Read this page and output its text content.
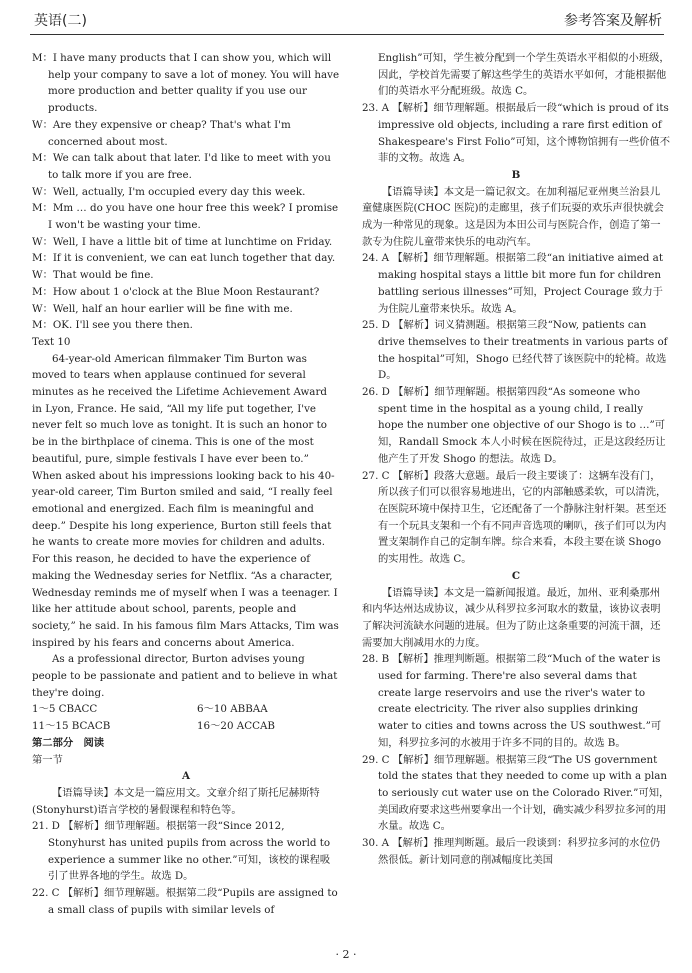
英语(二)	参考答案及解析

M：I have many products that I can show you, which will help your company to save a lot of money. You will have more production and better quality if you use our products.

W：Are they expensive or cheap? That's what I'm concerned about most.

M：We can talk about that later. I'd like to meet with you to talk more if you are free.

W：Well, actually, I'm occupied every day this week.

M：Mm … do you have one hour free this week? I promise I won't be wasting your time.

W：Well, I have a little bit of time at lunchtime on Friday.

M：If it is convenient, we can eat lunch together that day.

W：That would be fine.

M：How about 1 o'clock at the Blue Moon Restaurant?

W：Well, half an hour earlier will be fine with me.

M：OK. I'll see you there then.

Text 10

64-year-old American filmmaker Tim Burton was moved to tears when applause continued for several minutes as he received the Lifetime Achievement Award in Lyon, France. He said, “All my life put together, I've never felt so much love as tonight. It is such an honor to be in the birthplace of cinema. This is one of the most beautiful, pure, simple festivals I have ever been to.” When asked about his impressions looking back to his 40-year-old career, Tim Burton smiled and said, “I really feel emotional and energized. Each film is meaningful and deep.” Despite his long experience, Burton still feels that he wants to create more movies for children and adults. For this reason, he decided to have the experience of making the Wednesday series for Netflix. “As a character, Wednesday reminds me of myself when I was a teenager. I like her attitude about school, parents, people and society,” he said. In his famous film Mars Attacks, Tim was inspired by his fears and concerns about America.

As a professional director, Burton advises young people to be passionate and patient and to believe in what they're doing.

1～5 CBACC	6～10 ABBAA
11～15 BCACB	16～20 ACCAB

第二部分　阅读

第一节

A

【语篇导读】本文是一篇应用文。文章介绍了斯托尼赫斯特(Stonyhurst)语言学校的暑假课程和特色等。

21. D 【解析】细节理解题。根据第一段“Since 2012, Stonyhurst has united pupils from across the world to experience a summer like no other.”可知，该校的课程吸引了世界各地的学生。故选 D。

22. C 【解析】细节理解题。根据第二段“Pupils are assigned to a small class of pupils with similar levels of

English”可知，学生被分配到一个学生英语水平相似的小班级，因此，学校首先需要了解这些学生的英语水平如何，才能根据他们的英语水平分配班级。故选 C。

23. A 【解析】细节理解题。根据最后一段“which is proud of its impressive old objects, including a rare first edition of Shakespeare's First Folio”可知，这个博物馆拥有一些价值不菲的文物。故选 A。

B

【语篇导读】本文是一篇记叙文。在加利福尼亚州奥兰治县儿童健康医院(CHOC 医院)的走廊里，孩子们玩耍的欢乐声很快就会成为一种常见的现象。这是因为本田公司与医院合作，创造了第一款专为住院儿童带来快乐的电动汽车。

24. A 【解析】细节理解题。根据第二段“an initiative aimed at making hospital stays a little bit more fun for children battling serious illnesses”可知，Project Courage 致力于为住院儿童带来快乐。故选 A。

25. D 【解析】词义猜测题。根据第三段“Now, patients can drive themselves to their treatments in various parts of the hospital”可知，Shogo 已经代替了该医院中的轮椅。故选 D。

26. D 【解析】细节理解题。根据第四段“As someone who spent time in the hospital as a young child, I really hope the number one objective of our Shogo is to …”可知，Randall Smock 本人小时候在医院待过，正是这段经历让他产生了开发 Shogo 的想法。故选 D。

27. C 【解析】段落大意题。最后一段主要谈了：这辆车没有门，所以孩子们可以很容易地进出，它的内部触感柔软，可以清洗，在医院环境中保持卫生，它还配备了一个静脉注射杆架。甚至还有一个玩具支架和一个有不同声音选项的喇叭，孩子们可以为内置支架制作自己的定制车牌。综合来看，本段主要在谈 Shogo 的实用性。故选 C。

C

【语篇导读】本文是一篇新闻报道。最近，加州、亚利桑那州和内华达州达成协议，减少从科罗拉多河取水的数量，该协议表明了解决河流缺水问题的进展。但为了防止这条重要的河流干涸，还需要加大削减用水的力度。

28. B 【解析】推理判断题。根据第二段“Much of the water is used for farming. There're also several dams that create large reservoirs and use the river's water to create electricity. The river also supplies drinking water to cities and towns across the US southwest.”可知，科罗拉多河的水被用于许多不同的目的。故选 B。

29. C 【解析】细节理解题。根据第三段“The US government told the states that they needed to come up with a plan to seriously cut water use on the Colorado River.”可知，美国政府要求这些州要拿出一个计划，确实减少科罗拉多河的用水量。故选 C。

30. A 【解析】推理判断题。最后一段谈到：科罗拉多河的水位仍然很低。新计划同意的削减幅度比美国

· 2 ·
